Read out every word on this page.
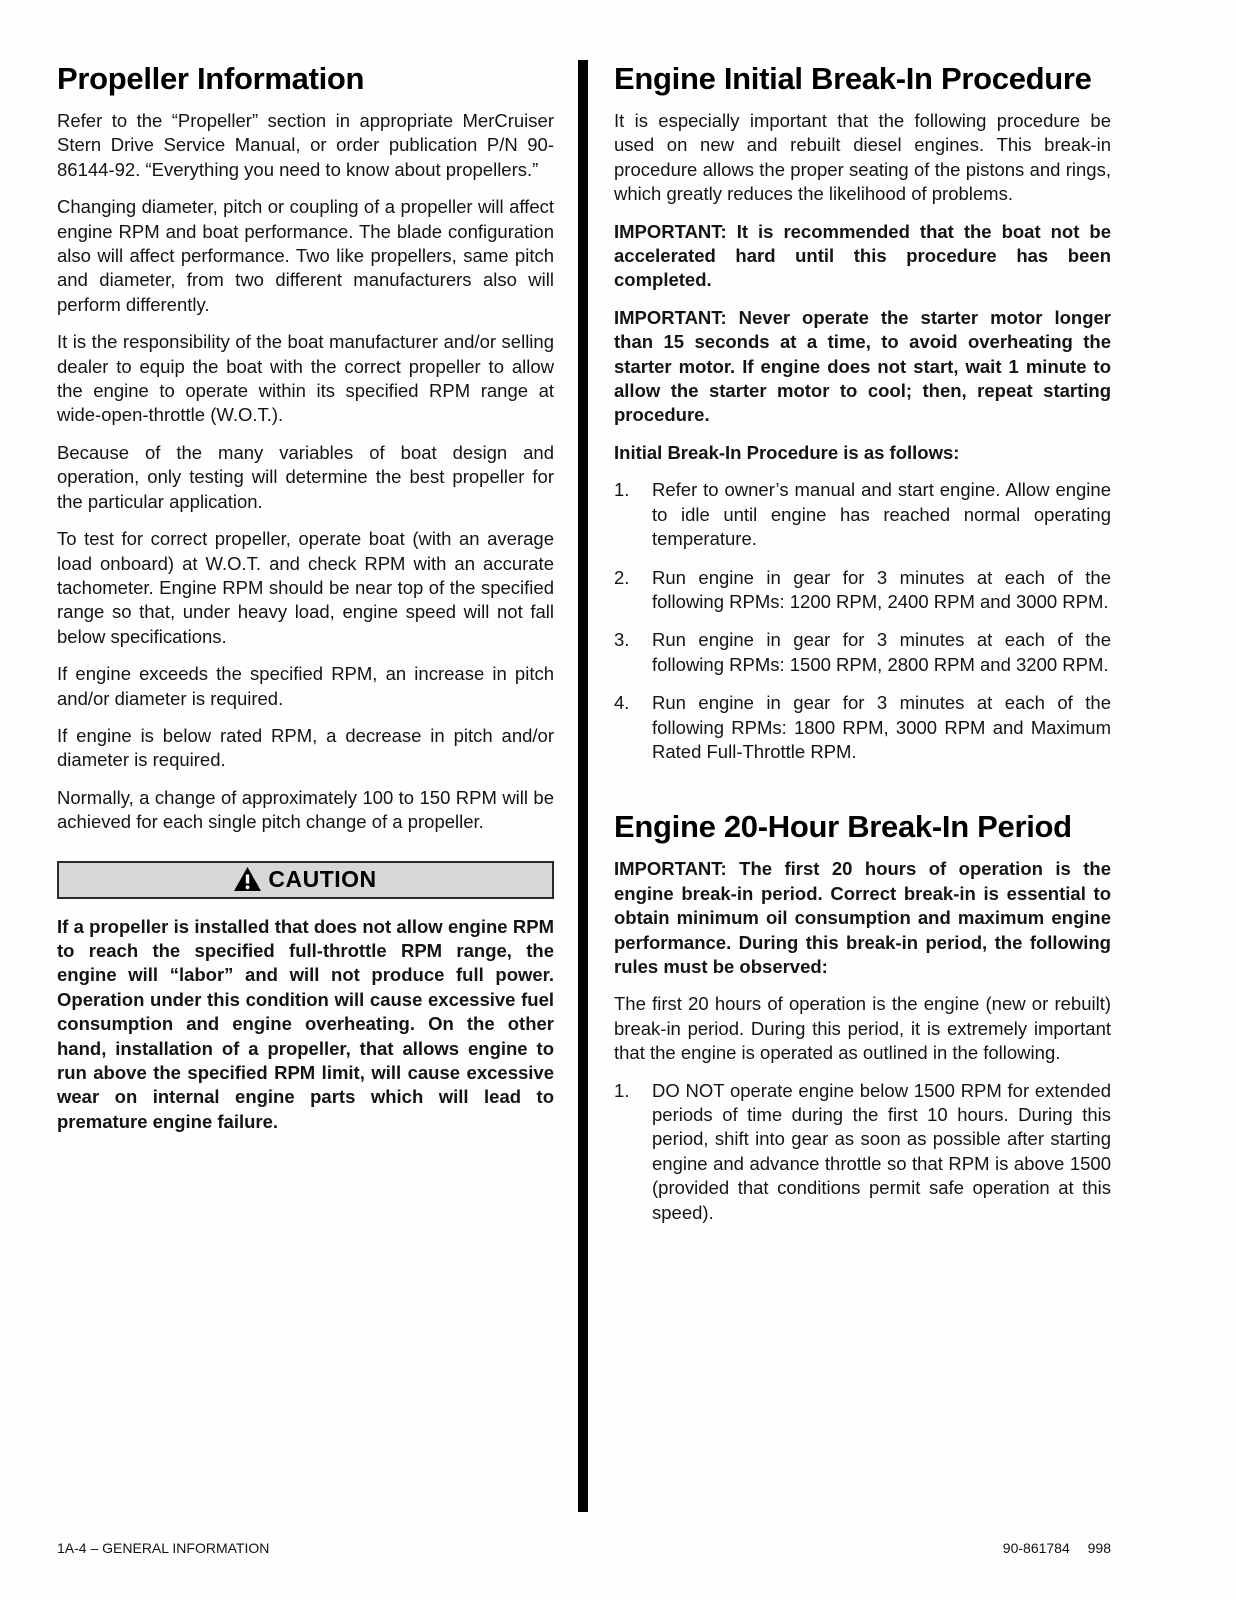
Propeller Information

Refer to the “Propeller” section in appropriate MerCruiser Stern Drive Service Manual, or order publication P/N 90-86144-92. “Everything you need to know about propellers.”

Changing diameter, pitch or coupling of a propeller will affect engine RPM and boat performance. The blade configuration also will affect performance. Two like propellers, same pitch and diameter, from two different manufacturers also will perform differently.

It is the responsibility of the boat manufacturer and/or selling dealer to equip the boat with the correct propeller to allow the engine to operate within its specified RPM range at wide-open-throttle (W.O.T.).

Because of the many variables of boat design and operation, only testing will determine the best propeller for the particular application.

To test for correct propeller, operate boat (with an average load onboard) at W.O.T. and check RPM with an accurate tachometer. Engine RPM should be near top of the specified range so that, under heavy load, engine speed will not fall below specifications.

If engine exceeds the specified RPM, an increase in pitch and/or diameter is required.

If engine is below rated RPM, a decrease in pitch and/or diameter is required.

Normally, a change of approximately 100 to 150 RPM will be achieved for each single pitch change of a propeller.

CAUTION

If a propeller is installed that does not allow engine RPM to reach the specified full-throttle RPM range, the engine will “labor” and will not produce full power. Operation under this condition will cause excessive fuel consumption and engine overheating. On the other hand, installation of a propeller, that allows engine to run above the specified RPM limit, will cause excessive wear on internal engine parts which will lead to premature engine failure.

Engine Initial Break-In Procedure

It is especially important that the following procedure be used on new and rebuilt diesel engines. This break-in procedure allows the proper seating of the pistons and rings, which greatly reduces the likelihood of problems.

IMPORTANT: It is recommended that the boat not be accelerated hard until this procedure has been completed.

IMPORTANT: Never operate the starter motor longer than 15 seconds at a time, to avoid overheating the starter motor. If engine does not start, wait 1 minute to allow the starter motor to cool; then, repeat starting procedure.

Initial Break-In Procedure is as follows:

1.	Refer to owner’s manual and start engine. Allow engine to idle until engine has reached normal operating temperature.
2.	Run engine in gear for 3 minutes at each of the following RPMs: 1200 RPM, 2400 RPM and 3000 RPM.
3.	Run engine in gear for 3 minutes at each of the following RPMs: 1500 RPM, 2800 RPM and 3200 RPM.
4.	Run engine in gear for 3 minutes at each of the following RPMs: 1800 RPM, 3000 RPM and Maximum Rated Full-Throttle RPM.
Engine 20-Hour Break-In Period

IMPORTANT: The first 20 hours of operation is the engine break-in period. Correct break-in is essential to obtain minimum oil consumption and maximum engine performance. During this break-in period, the following rules must be observed:

The first 20 hours of operation is the engine (new or rebuilt) break-in period. During this period, it is extremely important that the engine is operated as outlined in the following.

1.	DO NOT operate engine below 1500 RPM for extended periods of time during the first 10 hours. During this period, shift into gear as soon as possible after starting engine and advance throttle so that RPM is above 1500 (provided that conditions permit safe operation at this speed).
1A-4 – GENERAL INFORMATION	90-861784 998
